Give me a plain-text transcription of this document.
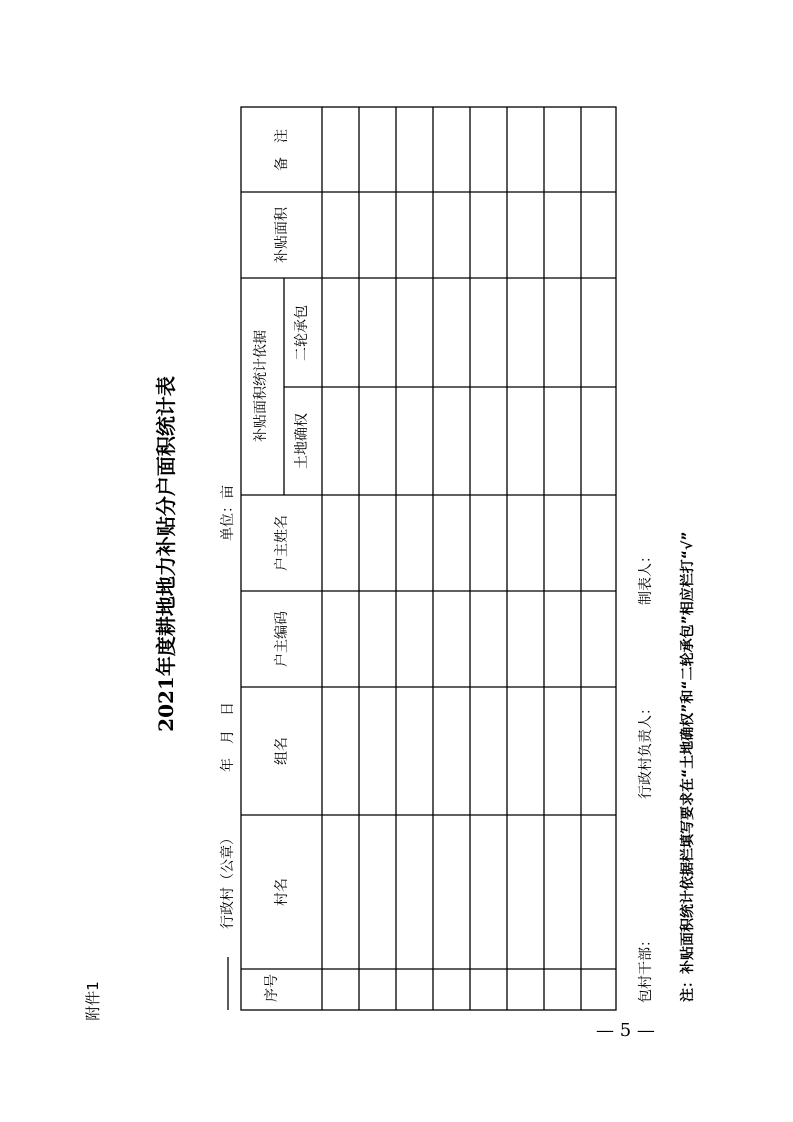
附件1
2021年度耕地地力补贴分户面积统计表
行政村（公章）
年　月　日
单位：亩
序号
村名
组名
户主编码
户主姓名
补贴面积统计依据 土地确权
二轮承包
补贴面积
备　注
包村干部：
行政村负责人：
制表人： 注：补贴面积统计依据栏填写要求在“土地确权”和“二轮承包”相应栏打“√”
— 5 —
